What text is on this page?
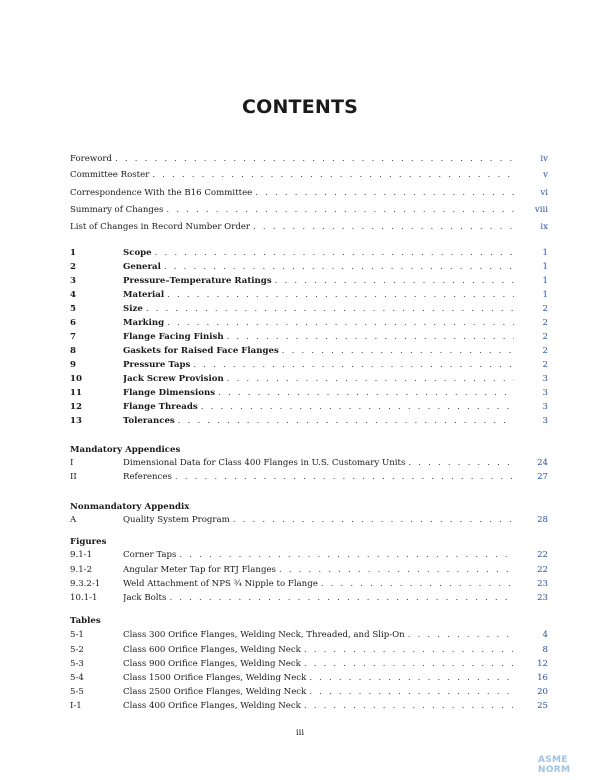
CONTENTS
Foreword . . .	iv
Committee Roster . . .	v
Correspondence With the B16 Committee . . .	vi
Summary of Changes . . .	viii
List of Changes in Record Number Order . . .	ix
1	Scope . . .	1
2	General . . .	1
3	Pressure–Temperature Ratings . . .	1
4	Material . . .	1
5	Size . . .	2
6	Marking . . .	2
7	Flange Facing Finish . . .	2
8	Gaskets for Raised Face Flanges . . .	2
9	Pressure Taps . . .	2
10	Jack Screw Provision . . .	3
11	Flange Dimensions . . .	3
12	Flange Threads . . .	3
13	Tolerances . . .	3
Mandatory Appendices
I	Dimensional Data for Class 400 Flanges in U.S. Customary Units . . .	24
II	References . . .	27
Nonmandatory Appendix
A	Quality System Program . . .	28
Figures
9.1-1	Corner Taps . . .	22
9.1-2	Angular Meter Tap for RTJ Flanges . . .	22
9.3.2-1	Weld Attachment of NPS ¾ Nipple to Flange . . .	23
10.1-1	Jack Bolts . . .	23
Tables
5-1	Class 300 Orifice Flanges, Welding Neck, Threaded, and Slip-On . . .	4
5-2	Class 600 Orifice Flanges, Welding Neck . . .	8
5-3	Class 900 Orifice Flanges, Welding Neck . . .	12
5-4	Class 1500 Orifice Flanges, Welding Neck . . .	16
5-5	Class 2500 Orifice Flanges, Welding Neck . . .	20
I-1	Class 400 Orifice Flanges, Welding Neck . . .	25
iii
ASME NORM
. . . . . . . .
